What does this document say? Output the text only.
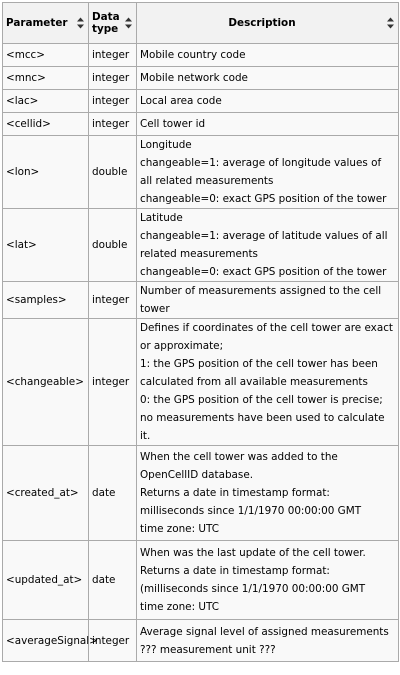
Parameter	Data type	Description

<mcc>	integer	Mobile country code

<mnc>	integer	Mobile network code

<lac>	integer	Local area code

<cellid>	integer	Cell tower id

<lon>	double	Longitude
changeable=1: average of longitude values of all related measurements
changeable=0: exact GPS position of the tower

<lat>	double	Latitude
changeable=1: average of latitude values of all related measurements
changeable=0: exact GPS position of the tower

<samples>	integer	Number of measurements assigned to the cell tower

<changeable>	integer	Defines if coordinates of the cell tower are exact or approximate;
1: the GPS position of the cell tower has been calculated from all available measurements
0: the GPS position of the cell tower is precise; no measurements have been used to calculate it.

<created_at>	date	When the cell tower was added to the OpenCellID database.
Returns a date in timestamp format:
milliseconds since 1/1/1970 00:00:00 GMT
time zone: UTC

<updated_at>	date	When was the last update of the cell tower.
Returns a date in timestamp format:
(milliseconds since 1/1/1970 00:00:00 GMT
time zone: UTC

<averageSignal>	integer	Average signal level of assigned measurements
??? measurement unit ???
